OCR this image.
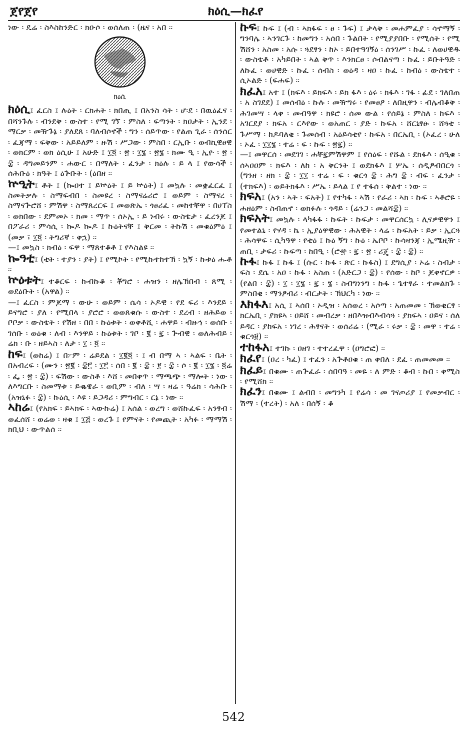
ጀየጀየ	ክዕሲ—ክፈየ

ነው ፡ ዴሬ ፡ ስእስከንድር ፡ ክዑሶ ፡ ወሰለጠ ፡ (ዜና ፡ አበ ።

ክዕሲ

ክዕሲ፤ ፈርስ ፤ ሉዕት ፡ ርክሐት ፡ ክበጢ ፤ በአንስ ሳት ፡ ሆ፡ደ ፡ በዉዕፈና ፡ በሻንጉሉ ፡ ብንደቅ ፡ ውስተ ፡ የሚ ገኘ ፡ ምስለ ፡ ፍጣንት ፡ ክዐታት ፡ ኢንደ ፡ ማርቃ ፡ መዥጉኔ ፡ ያለደጸ ፡ ባለብሶኖች ፡ ግን ፡ ሰይጥው ፡ የልጠ ጊራ ፡ ሰንሰር ፡ ፈጃማ ፡ ፍቅው ፡ አይይለም ፡ ዙሽ ፡ ሥጋው ፡ ምስበ ፡ ርኢቡ ፡ ወብኪዊፀዊ ፡ ወክርም ፡ ወክ ዕሲሁ ፤ አሁድ ፤ ፲፬ ፡ ፳ ፡ ፲፮ ፡ ፳፮ ፡ ክሙ ዒ ፡ ኢዮ ፡ ፳ ፡ ፰ ፡ ዳግመይንም ፡ ሐውር ፡ በማለት ፡ ፈንታ ፡ ክዕሉ ፡ ይ ላ ፤ የውሳች ፡ ሰሕቡዕ ፡ ክዓት ፤ ዕጕቡት ፡ (ዕበዘ ።

ኵዒት፤ ቶት ፤ (ኰዐተ ፤ ይኵዕት ፤ ይ ኵዕት) ፤ መኳሉ ፡ መቋፈርፈ ፤ ስመትቃሉ ፡ ስማፍብበ ፡ ስመዩረ ፡ ስማናሬሪሮ ፤ ወይም ፡ ስማናረ ፡ ስማናጕሮሸ ፡ ምሽዋ ፡ ስማጸረርፍ ፤ መወጽኤ ፡ ጎፀሪፈ ፡ መከተቸዋ ፡ በሀፐስ ፡ ወክበው ፡ ደምመኦ ፡ ክመ ፡ ማጥ ፡ ሰኦኢ ፡ ይ ነብሩ ፡ ውስቴታ ፡ ፈረንጆ ፤ በፖራሪ ፡ ምሳሲ ፡ ኰዶ ኰዶ ፤ ኩዕትናቸ ፤ ቅርመ ፡ ትኩሽ ፡ መቁዕምዕ ፤ (መቃ ፣ ፲፬ ፡ ትግሪኛ ፡ ቀኋ) ።

—፤ መኳስ ፡ ክብዕ ፡ ፍዋ ፡ ማጸተቆቶ ፤ የእስልዩ ።

ኰዓቲ፤ (ቲት ፡ ተያን ፡ ያት) ፤ የሚኮት ፡ የሚኩተከተኽ ፡ ኳኝ ፡ ኩቱዕ ሑቶ ።

ኵዕቱት፤ ተቆርፍ ፡ ኩብኩቆ ፡ ቾግሮ ፡ ሐዝን ፡ ዘሌኽበብ ፡ ጸሚ ፡ ወደዕቡት ፡ (አዋል) ።

—፤ ፈርስ ፡ ምጆማ ፡ ውሁ ፡ ወይም ፡ ሴሳ ፡ ኦዶዊ ፡ የደ ፍሪ ፡ እንደይ ፡ ይናግሮ ፡ ያለ ፡ የሚበላ ፡ ያሮሮ ፡ ወወጸቁሱ ፡ ውስተ ፡ ደረብ ፡ ዘሕይወ ፡ ቦቦቃ ፡ ውስቴት ፡ የሽዘ ፡ በበ ፡ ኩዕቱት ፡ ወቀቶሺ ፡ ሐዋይ ፡ ብዙኅ ፡ ወሰቡ ፡ ገሰቡ ፡ ወዕቁ ፡ ለብ ፡ እንዋይ ፡ ኩዕቱት ፡ ገቦ ፡ ፪ ፡ ፯ ፡ ጕብዊ ፡ ወለሕብይ ፡ ሬክ ፡ ቡ ፡ ዘይኣስ ፡ ለታ ፡ ፲ ፡ ፬ ።

ከፍ፤ (ወከሬ) ፤ በ፦ም ፡ ሬይደል ፡ ፲፪፬ ፡ ፤ ብ በማ ኣ ፡ ኣልፍ ፡ ቤት ፡ በአብረፍ ፡ (ሙን ፡ ፳፪ ፡ ፰፫ ፡ ፲፫ ፡ ሰበ ፡ ፪ ፡ ፰ ፡ ፻ ፡ ፰ ፡ ሶ ፡ ፪ ፡ ፲፮ ፡ ፬ሬ ፡ ፌ ፡ ፳ ፡ ፰) ፡ ፍሽው ፡ ውስቶ ፡ እሸ ፡ መበቀጥ ፡ ማጫጭ ፡ ማሎት ፡ ነው ፡ ለእግርቡ ፡ ስመማቱ ፡ ይቈዌራ ፡ ወቢም ፡ ብለ ፡ ሣ ፡ ዛሬ ፡ ዓሬክ ፡ ሳሕቡ ፡ (አዝኒፉ ፡ ፰) ፡ ኩዕሲ ፡ እዩ ፡ ይጋዳሪ ፡ ምግብር ፡ ርኔ ፡ ነው ።

ኣከሬ፤ (የአክፍ ፡ ይኣክፍ ፡ ኣውኩሬ) ፤ አሰል ፡ ወረግ ፡ ወሸኩፈፍ ፡ አንፃብ ፡ ወፈሰሸ ፡ ወሬወ ፡ ዛቁ ፤ ፲፭ ፡ ወረጉ ፤ የምናት ፡ የመጪት ፡ አካፉ ፡ ማማሽ ፡ ክቢህ ፡ ውጥልሰ ።

ኩፍ፤ ኩፍ ፤ (ብ ፡ ኣክፋፍ ፡ ፀ ፡ ጉፍ) ፤ ታላቅ ፡ መሐምፈያ ፡ ሳኖማኝ ፡ ግንባሌ ፡ ኣንገርጉ ፡ ከመግን ፡ አሰበ ፡ ጉልበት ፡ የሚያያበቡ ፡ የሚሰት ፡ የሚ ሽሸን ፡ አስመ ፡ አሱ ፡ ጓደፃን ፡ ከኦ ፡ ይበተዓገኝዕ ፡ ሰንገሥ ፡ ኩፈ ፡ ለወሀዊዱ ፡ ውስቴቶ ፡ አካይበት ፡ ኣል ቅጥ ፡ እንክርፀ ፡ ሶብልናጣ ፡ ኩፈ ፡ ይቡትዓድ ፡ ለኩፈ ፡ ወሀዊድ ፡ ኩፈ ፡ ሰብስ ፡ ወዕዳ ፡ ዛዐ ፡ ኩፈ ፡ ከብዕ ፡ ውስቴተ ፡ ሲኦልድ ፡ (ፍሐፍ) ።

ክፈአ፤ አተ ፤ (ክፍእ ፡ ይክፍእ ፡ ይክ ፋእ ፡ ዕሩ ፡ ክፋእ ፡ ገፋ ፡ ፊደ ፡ ገለበጠ ፡ አ ስገደደ) ፤ መሰብዕ ፡ ኩሉ ፡ መዥግሩ ፡ የመፀዖ ፡ ለበዚዋን ፡ ብሌብቆቅ ፡ ሕገመሣ ፡ ላቀ ፡ መብዓዋ ፡ ክዩሮ ፡ ሰመ ውል ፡ የሰይኔ ፡ ምስለ ፡ ከፍእ ፡ አገርደያ ፡ ክፍአ ፡ ርእየው ፡ ወአጠር ፡ ያድ ፡ ኩፍአ ፡ ሸርኒፃፁ ፡ ሸጓቲ ፡ ጉሥማ ፡ ከዶባለቂ ፡ ጉመሰብ ፡ አዕይሳቲየ ፡ ኩፍአ ፡ በርኤቢ ፡ (ኦፈረ ፡ ሁለ ፡ ኦፈ ፡ ፲፲፮ ፡ ተሬ ፡ ፍ ፡ ኩፍ ፡ ፳፯) ።

—፤ መዋርሰ ፡ መደገገ ፡ ሐቸ፯ምሽዋም ፤ የሰዕፍ ፡ የሹል ፡ ደክፋእ ፡ ሰዒቁ ፡ ሰኣዐዐም ፡ ክፍእ ፡ ለከ ፡ አ ቅርንት ፤ ወደክፋእ ፤ ሦኤ ፡ ሰዲፆብበርጎ ፡ (ግንዘ ፡ ዘክ ፡ ፰ ፡ ፲፲ ፡ ተሬ ፡ ፍ ፡ ቁርጎ ፰ ፡ ሕግ ፰ ፡ ብፍ ፡ ፈንታ ፡ (ተክፍእ) ፡ ወይትክፋእ ፡ ሥኤ ፡ ይላል ፤ የ ተፋሰ ፡ ቅልተ ፡ ነው ።

ክፍአ፤ (አን ፡ ኣት ፡ ፍአት) ፤ የተካፋ ፡ ኣሽ ፡ የራሪ ፡ ኣክ ፡ ኩፍ ፡ ኣቶሮዬ ፡ ሐዘዕም ፡ ስብጠኖ ፡ ወክፉሉ ፡ ጎዳይ ፡ (ሬንጋ ፡ መልሻ፰) ።

ክፍአት፤ መኳሉ ፡ ላካፋፋ ፡ ኩፍት ፡ ኩፍታ ፡ መዋርሰርኳ ፡ ሊናዎዊዋን ፤ የመተልኒ ፡ የሃዳ ፡ ኬ ፡ ኢያዕዋዊው ፡ ሕአዊት ፡ ላሬ ፡ ኩፍአት ፡ ይቃ ፡ ኢርጓ ፡ ሕሳዋፍ ፡ ሲካዓዋ ፡ የቲዕ ፤ ኩዕ ኝግ ፡ ኩዕ ፡ ኤቦቦ ፡ ኩሳዛንጃ ፡ ኢሜዚዥ ፡ ጠቢ ፡ ታፍሪ ፡ ኩፍጣ ፡ ከበዒ ፡ (ሮ፹ ፡ ፯ ፡ ፳ ፡ ሪጄ ፡ ፰ ፡ ፰) ።

ኩፋ፤ ኩፋ ፤ ኩፋ ፤ (ሱር ፡ ኩፋ ፡ ጽር ፡ ኩፋስ) ፤ ደግሲያ ፡ ኦሬ ፡ ስብታ ፡ ፍስ ፡ ደሴ ፡ አዐ ፡ ኩፋ ፡ አስጠ ፡ (አድርጋ ፡ ፰) ፡ የሰው ፡ ከቦ ፡ ጆቀኖርዎ ፡ (የልበ ፡ ፰) ፡ ፲ ፡ ፲፮ ፡ ፯ ፡ ፮ ፡ ስብግነንግ ፡ ኩፋ ፡ ጌተፃራ ፡ ተመልክጉ ፡ ምስበቂ ፡ ማንፆብሪ ፡ ብርታት ፡ ኽህርካ ፡ ነው ።

እክፋእ፤ አሲ ፤ ኣሰበ ፡ ኦዲዝ ፡ አሰወረ ፡ አሶጣ ፡ አጠመመ ፡ ኽወቂርፃ ፡ ክርኤቢ ፡ ያክዩኣ ፡ ዐይሸ ፡ መብረቃ ፡ ዘበእዝብእብሳጓ ፡ ያክፍኣ ፡ ዐይና ፡ ሰለ ይዳር ፡ ያከፍአ ፡ ነገረ ፡ ሕፃናት ፡ ወሰሪሬ ፡ (ሚራ ፡ ሩቃ ፡ ፰ ፡ መዋ ፡ ተሬ ፡ ቁርጎ፱) ።

ተከፋአ፤ ተገኩ ፡ ዐዘገ ፡ ተተረፈዋ ፡ (ዐግሮፎ) ።

ክፈየ፤ (ዐረ ፡ ካፈ) ፤ ተፈን ፡ አጕቶዐቁ ፡ ጠ ቀበለ ፡ ደፈ ፡ ጠመመመ ።

ክፈይ፤ በቁሙ ፡ ጠጕፈራ ፡ ሰበባዓ ፡ መዬ ፡ ለ ምድ ፡ ቆብ ፡ ኩበ ፡ ቀሚስ ፡ የሚሸክ ።

ክፈን፤ በቁሙ ፤ ልብበ ፡ መግንካ ፤ የሬሳ ፡ መ ገናጦሪያ ፤ የመቃብር ፡ ሽማ ፡ (ተረት) ፡ አለ ፡ በሰኝ ፡ ቆ

542
